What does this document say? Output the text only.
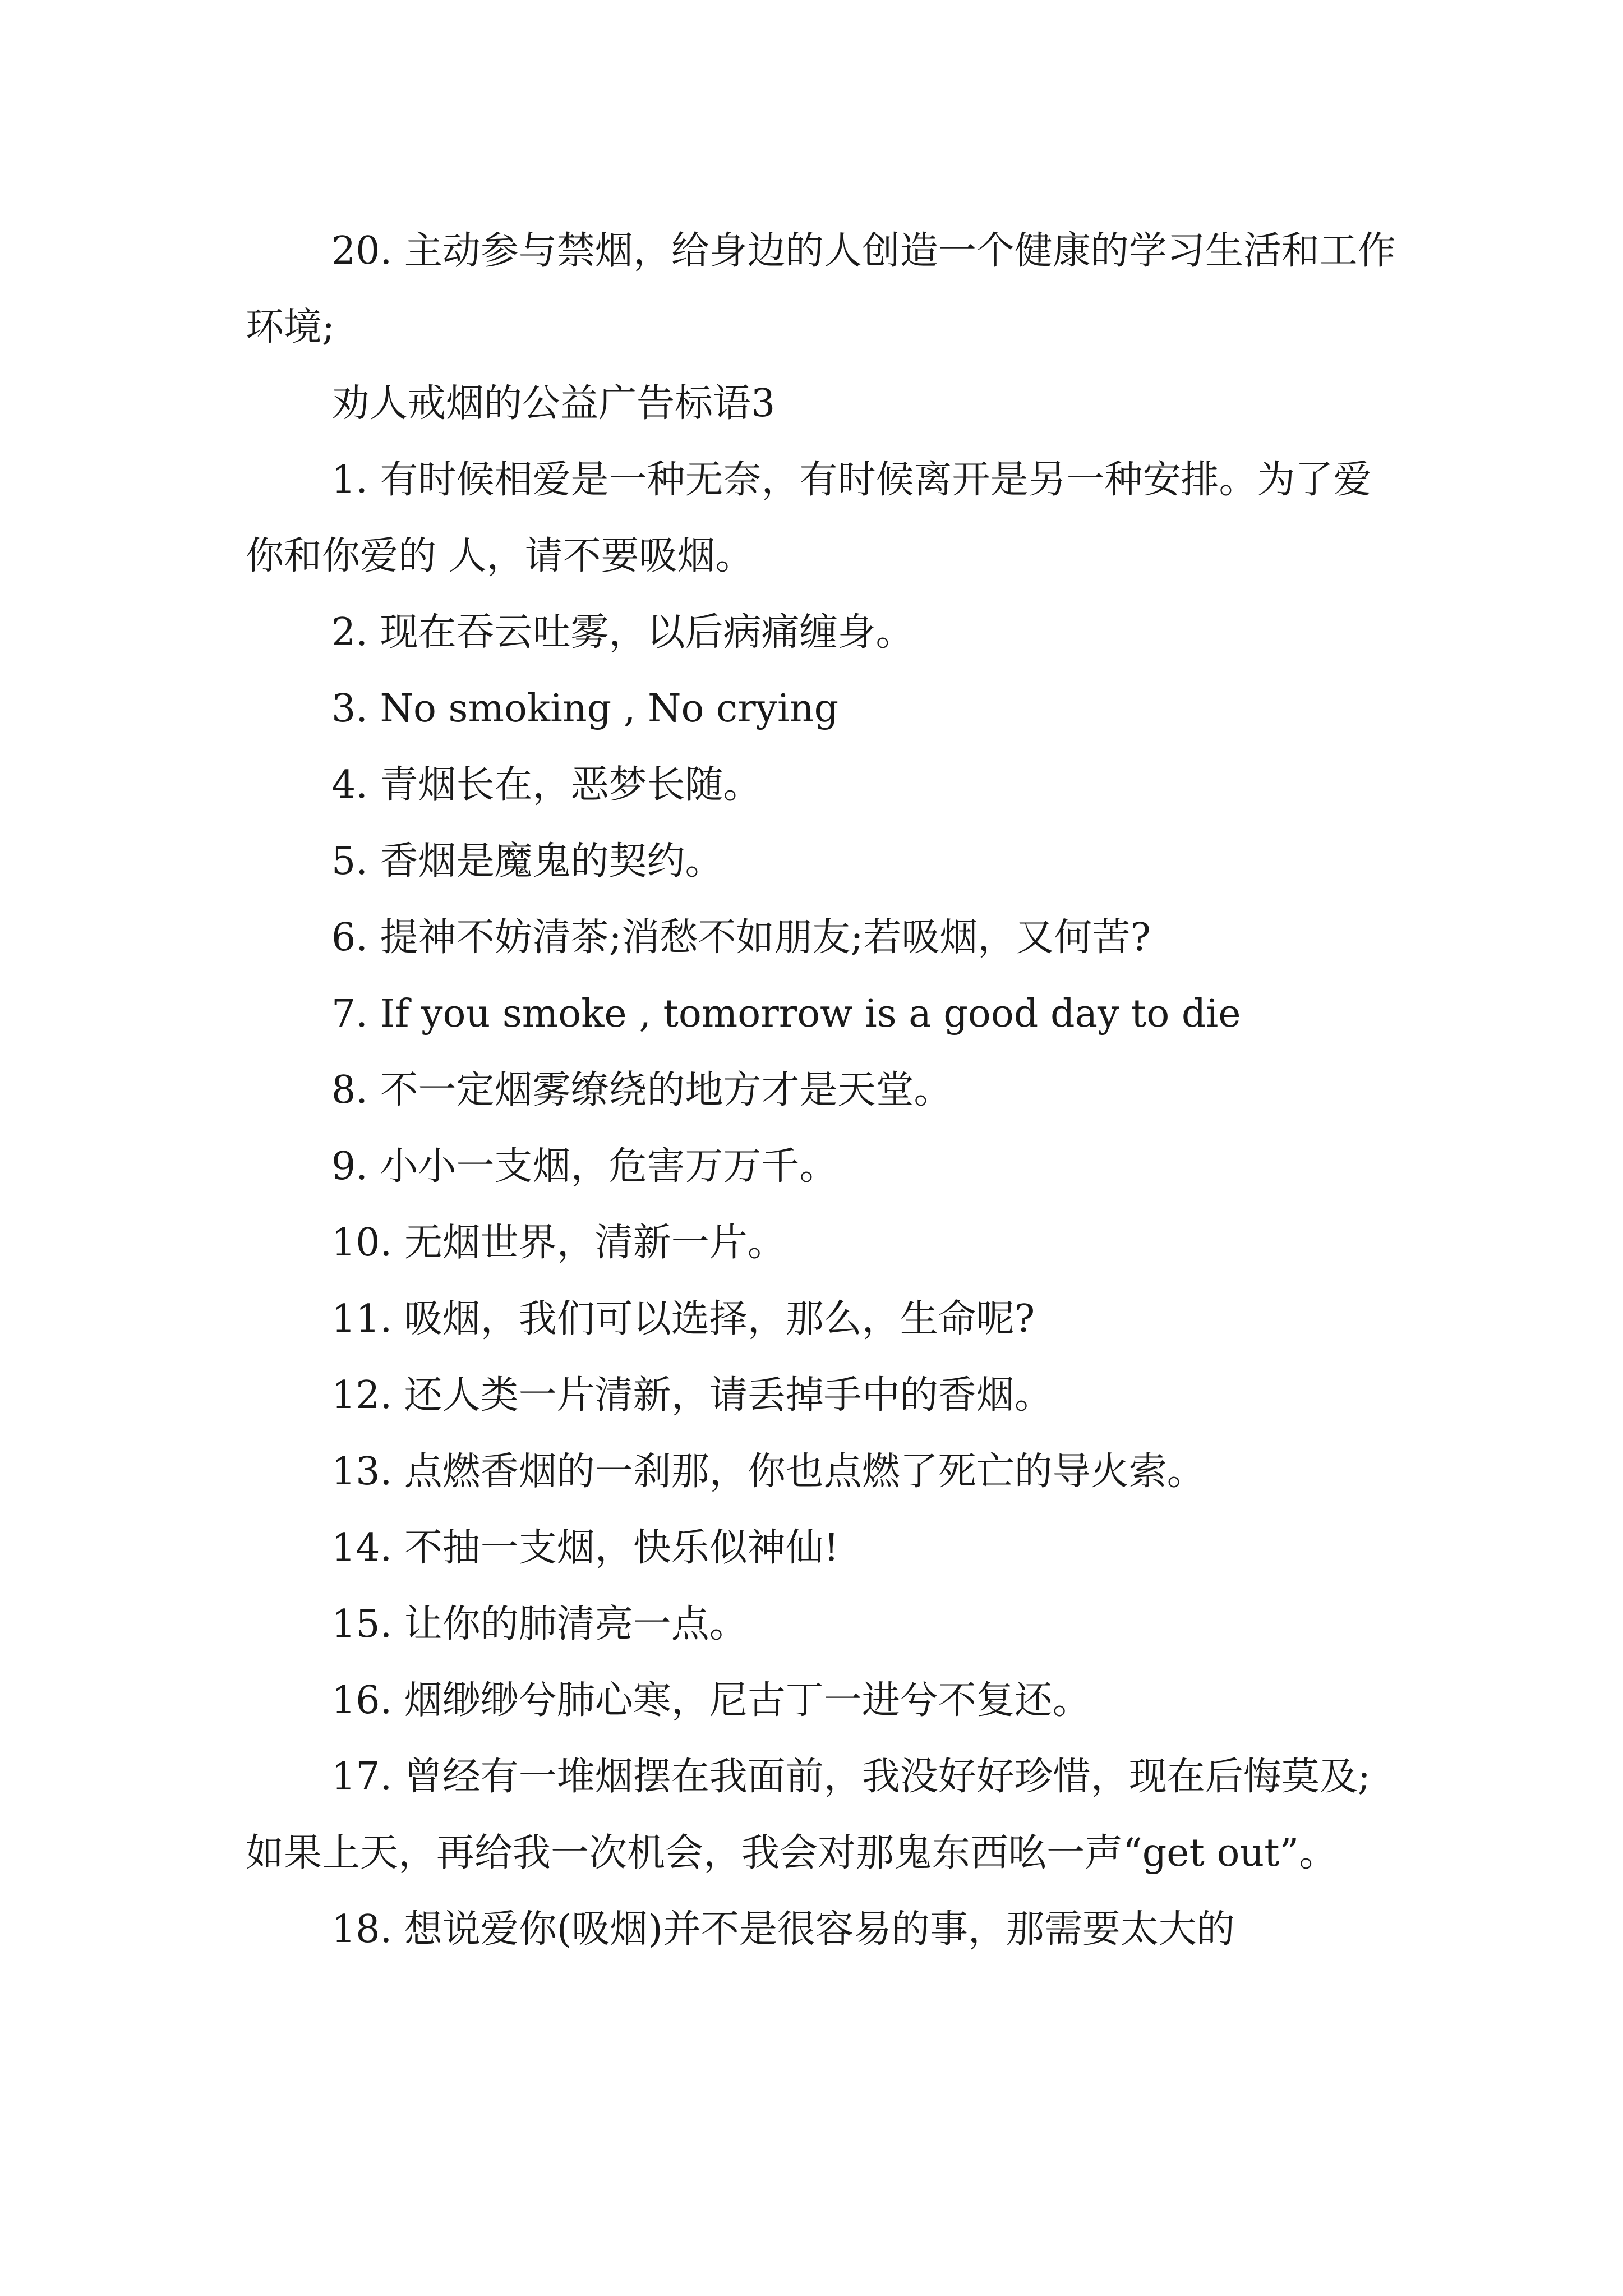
20. 主动参与禁烟，给身边的人创造一个健康的学习生活和工作环境;

劝人戒烟的公益广告标语3

1. 有时候相爱是一种无奈，有时候离开是另一种安排。为了爱你和你爱的 人，请不要吸烟。

2. 现在吞云吐雾，以后病痛缠身。

3. No smoking , No crying

4. 青烟长在，恶梦长随。

5. 香烟是魔鬼的契约。

6. 提神不妨清茶;消愁不如朋友;若吸烟，又何苦?

7. If you smoke , tomorrow is a good day to die

8. 不一定烟雾缭绕的地方才是天堂。

9. 小小一支烟，危害万万千。

10. 无烟世界，清新一片。

11. 吸烟，我们可以选择，那么，生命呢?

12. 还人类一片清新，请丢掉手中的香烟。

13. 点燃香烟的一刹那，你也点燃了死亡的导火索。

14. 不抽一支烟，快乐似神仙!

15. 让你的肺清亮一点。

16. 烟缈缈兮肺心寒，尼古丁一进兮不复还。

17. 曾经有一堆烟摆在我面前，我没好好珍惜，现在后悔莫及;如果上天，再给我一次机会，我会对那鬼东西吆一声“get out”。

18. 想说爱你(吸烟)并不是很容易的事，那需要太大的
